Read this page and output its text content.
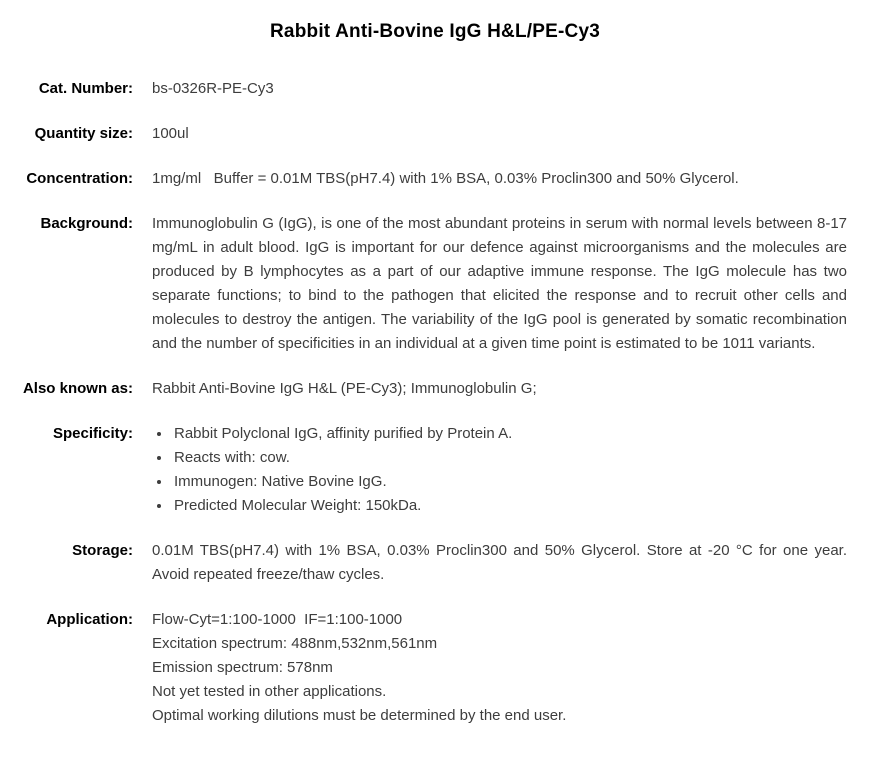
Rabbit Anti-Bovine IgG H&L/PE-Cy3
Cat. Number: bs-0326R-PE-Cy3
Quantity size: 100ul
Concentration: 1mg/ml   Buffer = 0.01M TBS(pH7.4) with 1% BSA, 0.03% Proclin300 and 50% Glycerol.
Background: Immunoglobulin G (IgG), is one of the most abundant proteins in serum with normal levels between 8-17 mg/mL in adult blood. IgG is important for our defence against microorganisms and the molecules are produced by B lymphocytes as a part of our adaptive immune response. The IgG molecule has two separate functions; to bind to the pathogen that elicited the response and to recruit other cells and molecules to destroy the antigen. The variability of the IgG pool is generated by somatic recombination and the number of specificities in an individual at a given time point is estimated to be 1011 variants.
Also known as: Rabbit Anti-Bovine IgG H&L (PE-Cy3); Immunoglobulin G;
Specificity:	• Rabbit Polyclonal IgG, affinity purified by Protein A.
• Reacts with: cow.
• Immunogen: Native Bovine IgG.
• Predicted Molecular Weight: 150kDa.
Storage: 0.01M TBS(pH7.4) with 1% BSA, 0.03% Proclin300 and 50% Glycerol. Store at -20 °C for one year. Avoid repeated freeze/thaw cycles.
Application: Flow-Cyt=1:100-1000  IF=1:100-1000
Excitation spectrum: 488nm,532nm,561nm
Emission spectrum: 578nm
Not yet tested in other applications.
Optimal working dilutions must be determined by the end user.
